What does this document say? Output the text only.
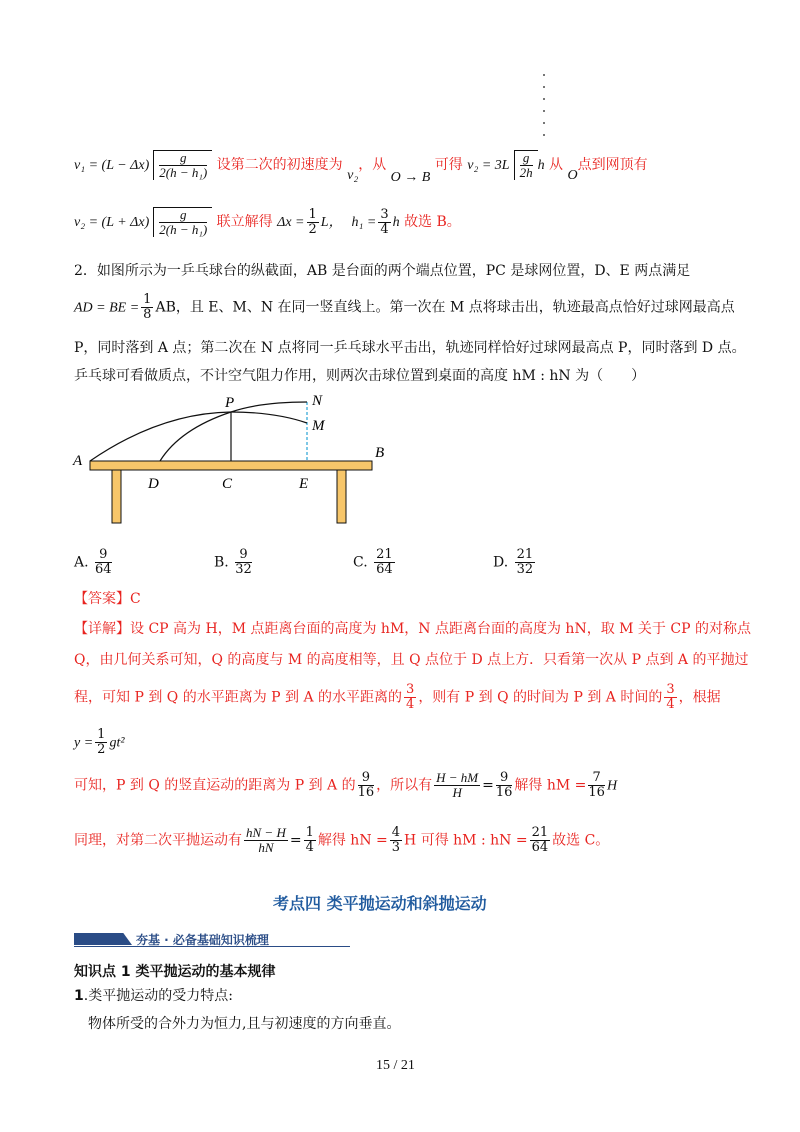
$v_1 = (L - \Delta x) \frac{g}{\text{2(h − h₁)}}$ 设第二次的初速度为 v₂，从 O → B 可得 $v_2 = 3L \frac{g}{2h}$ h 从 O点到网顶有
$v_2 = (L + \Delta x) \frac{g}{\text{2(h − h₁)}}$ 联立解得 $\Delta x = \frac{1}{2}$ L， $h_1 = \frac{3}{4}$ h 故选 B。
2．如图所示为一乒乓球台的纵截面，AB 是台面的两个端点位置，PC 是球网位置，D、E 两点满足
AD = BE = $\frac{1}{8}$ AB，且 E、M、N 在同一竖直线上。第一次在 M 点将球击出，轨迹最高点恰好过球网最高点
P，同时落到 A 点；第二次在 N 点将同一乒乓球水平击出，轨迹同样恰好过球网最高点 P，同时落到 D 点。
乒乓球可看做质点，不计空气阻力作用，则两次击球位置到桌面的高度 hM : hN 为（　　）
A	B
D	C	E
P	N
M
A. $\frac{9}{64}$	B. $\frac{9}{32}$	C. $\frac{21}{64}$	D. $\frac{21}{32}$
【答案】C
【详解】设 CP 高为 H，M 点距离台面的高度为 hM，N 点距离台面的高度为 hN，取 M 关于 CP 的对称点
Q，由几何关系可知，Q 的高度与 M 的高度相等，且 Q 点位于 D 点上方．只看第一次从 P 点到 A 的平抛过
程，可知 P 到 Q 的水平距离为 P 到 A 的水平距离的 $\frac{3}{4}$ ，则有 P 到 Q 的时间为 P 到 A 时间的 $\frac{3}{4}$ ，根据
$y = \frac{1}{2} gt^2$
可知，P 到 Q 的竖直运动的距离为 P 到 A 的 $\frac{9}{16}$ ，所以有 $\frac{H - hM}{H} = \frac{9}{16}$ 解得 hM = $\frac{7}{16}$ H
同理，对第二次平抛运动有 $\frac{hN - H}{hN} = \frac{1}{4}$ 解得 hN = $\frac{4}{3}$ H 可得 hM : hN = $\frac{21}{64}$ 故选 C。
考点四 类平抛运动和斜抛运动
夯基 · 必备基础知识梳理
知识点 1 类平抛运动的基本规律
1.类平抛运动的受力特点:
物体所受的合外力为恒力,且与初速度的方向垂直。
15 / 21
